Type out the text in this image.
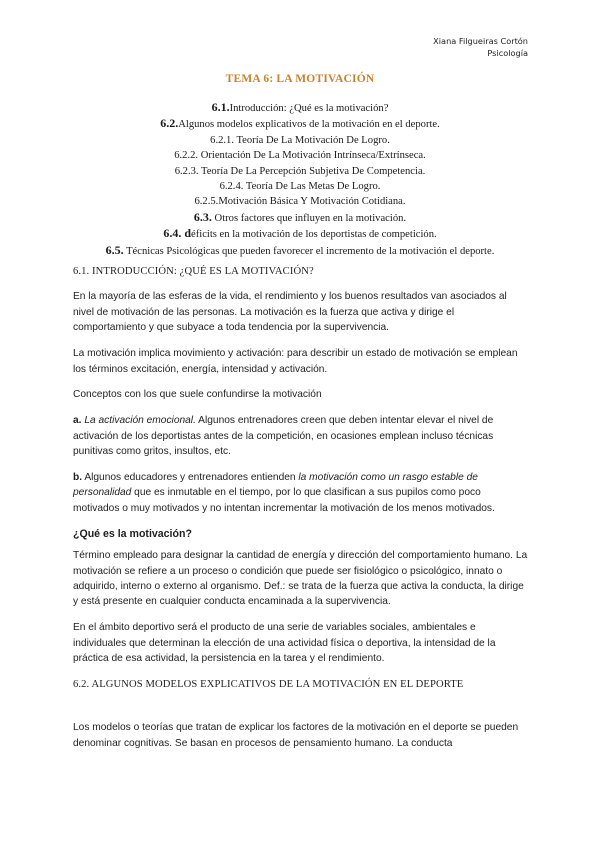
Xiana Filgueiras Cortón
Psicología
TEMA 6: LA MOTIVACIÓN
6.1.Introducción: ¿Qué es la motivación?
6.2.Algunos modelos explicativos de la motivación en el deporte.
6.2.1. Teoría De La Motivación De Logro.
6.2.2. Orientación De La Motivación Intrínseca/Extrínseca.
6.2.3. Teoría De La Percepción Subjetiva De Competencia.
6.2.4. Teoría De Las Metas De Logro.
6.2.5.Motivación Básica Y Motivación Cotidiana.
6.3. Otros factores que influyen en la motivación.
6.4. déficits en la motivación de los deportistas de competición.
6.5. Técnicas Psicológicas que pueden favorecer el incremento de la motivación el deporte.
6.1. INTRODUCCIÓN: ¿QUÉ ES LA MOTIVACIÓN?

En la mayoría de las esferas de la vida, el rendimiento y los buenos resultados van asociados al nivel de motivación de las personas. La motivación es la fuerza que activa y dirige el comportamiento y que subyace a toda tendencia por la supervivencia.

La motivación implica movimiento y activación: para describir un estado de motivación se emplean los términos excitación, energía, intensidad y activación.

Conceptos con los que suele confundirse la motivación

a. La activación emocional. Algunos entrenadores creen que deben intentar elevar el nivel de activación de los deportistas antes de la competición, en ocasiones emplean incluso técnicas punitivas como gritos, insultos, etc.

b. Algunos educadores y entrenadores entienden la motivación como un rasgo estable de personalidad que es inmutable en el tiempo, por lo que clasifican a sus pupilos como poco motivados o muy motivados y no intentan incrementar la motivación de los menos motivados.

¿Qué es la motivación?

Término empleado para designar la cantidad de energía y dirección del comportamiento humano. La motivación se refiere a un proceso o condición que puede ser fisiológico o psicológico, innato o adquirido, interno o externo al organismo. Def.: se trata de la fuerza que activa la conducta, la dirige y está presente en cualquier conducta encaminada a la supervivencia.

En el ámbito deportivo será el producto de una serie de variables sociales, ambientales e individuales que determinan la elección de una actividad física o deportiva, la intensidad de la práctica de esa actividad, la persistencia en la tarea y el rendimiento.

6.2. ALGUNOS MODELOS EXPLICATIVOS DE LA MOTIVACIÓN EN EL DEPORTE

Los modelos o teorías que tratan de explicar los factores de la motivación en el deporte se pueden denominar cognitivas. Se basan en procesos de pensamiento humano. La conducta
